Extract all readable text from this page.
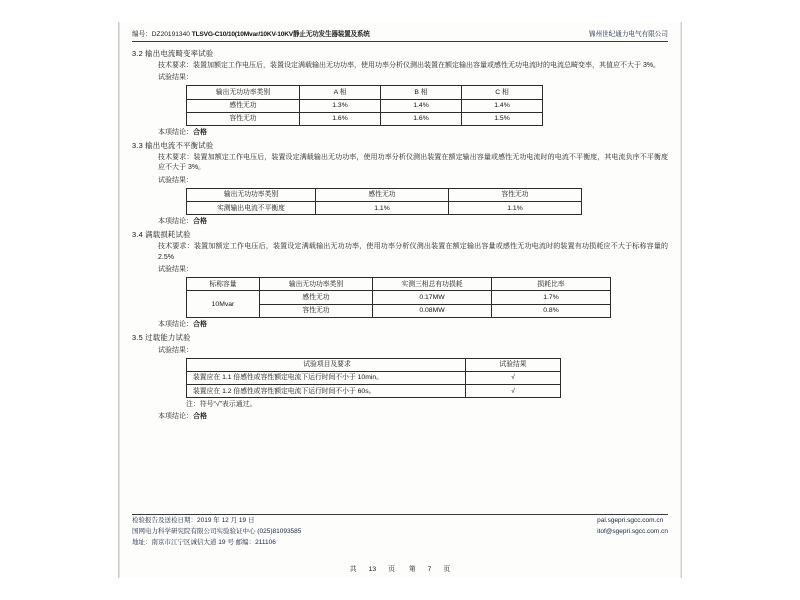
编号：DZ20191340 TLSVG-C10/10(10Mvar/10KV-10KV静止无功发生器装置及系统	锦州世纪通力电气有限公司
3.2 输出电流畸变率试验
技术要求：装置加额定工作电压后，装置设定满载输出无功功率，使用功率分析仪测出装置在额定输出容量或感性无功电流时的电流总畸变率，其值应不大于 3%。
试验结果：
输出无功功率类别	A 相	B 相	C 相
感性无功	1.3%	1.4%	1.4%
容性无功	1.6%	1.6%	1.5%
本项结论：合格
3.3 输出电流不平衡试验
技术要求：装置加额定工作电压后，装置设定满载输出无功功率，使用功率分析仪测出装置在额定输出容量或感性无功电流时的电流不平衡度，其电流负序不平衡度应不大于 3%。
试验结果：
输出无功功率类别	感性无功	容性无功
实测输出电流不平衡度	1.1%	1.1%
本项结论：合格
3.4 满载损耗试验
技术要求：装置加额定工作电压后，装置设定满载输出无功功率，使用功率分析仪测出装置在额定输出容量或感性无功电流时的装置有功损耗应不大于标称容量的 2.5%
试验结果：
标称容量	输出无功功率类别	实测三相总有功损耗	损耗比率
10Mvar	感性无功	0.17MW	1.7%
	容性无功	0.08MW	0.8%
本项结论：合格
3.5 过载能力试验
试验结果：
试验项目及要求	试验结果
装置应在 1.1 倍感性或容性额定电流下运行时间不小于 10min。	√
装置应在 1.2 倍感性或容性额定电流下运行时间不小于 60s。	√
注：符号“√”表示通过。
本项结论：合格
检验报告及送检日期：2019 年 12 月 19 日
国网电力科学研究院有限公司实验验证中心 (025)81093585
地址：南京市江宁区诚信大道 19 号 邮编：211106
pal.sgepri.sgcc.com.cn
itof@sgepri.sgcc.com.cn
共 13 页 第 7 页
